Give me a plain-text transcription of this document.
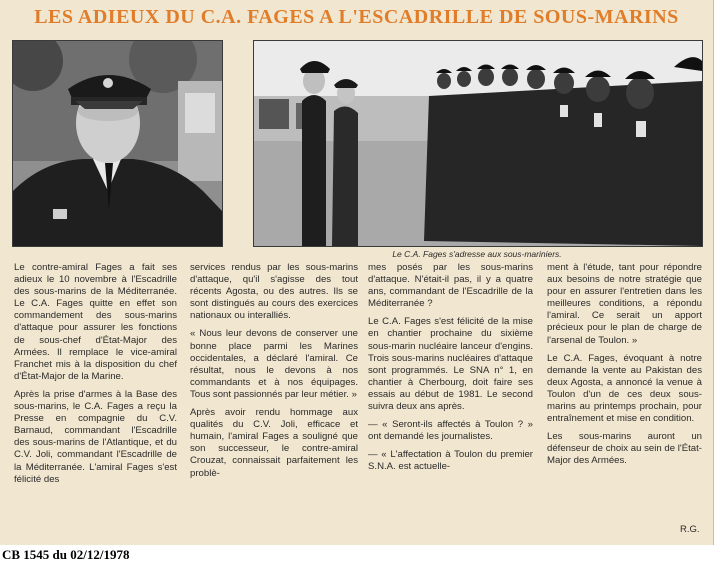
LES ADIEUX DU C.A. FAGES A L'ESCADRILLE DE SOUS-MARINS
Le C.A. Fages s'adresse aux sous-mariniers.

Le contre-amiral Fages a fait ses adieux le 10 novembre à l'Escadrille des sous-marins de la Méditerranée. Le C.A. Fages quitte en effet son commandement des sous-marins d'attaque pour assurer les fonctions de sous-chef d'État-Major des Armées. Il remplace le vice-amiral Franchet mis à la disposition du chef d'État-Major de la Marine.

Après la prise d'armes à la Base des sous-marins, le C.A. Fages a reçu la Presse en compagnie du C.V. Barnaud, commandant l'Escadrille des sous-marins de l'Atlantique, et du C.V. Joli, commandant l'Escadrille de la Méditerranée. L'amiral Fages s'est félicité des

services rendus par les sous-marins d'attaque, qu'il s'agisse des tout récents Agosta, ou des autres. Ils se sont distingués au cours des exercices nationaux ou interalliés.

« Nous leur devons de conserver une bonne place parmi les Marines occidentales, a déclaré l'amiral. Ce résultat, nous le devons à nos commandants et à nos équipages. Tous sont passionnés par leur métier. »

Après avoir rendu hommage aux qualités du C.V. Joli, efficace et humain, l'amiral Fages a souligné que son successeur, le contre-amiral Crouzat, connaissait parfaitement les problè-

mes posés par les sous-marins d'attaque. N'était-il pas, il y a quatre ans, commandant de l'Escadrille de la Méditerranée ?

Le C.A. Fages s'est félicité de la mise en chantier prochaine du sixième sous-marin nucléaire lanceur d'engins. Trois sous-marins nucléaires d'attaque sont programmés. Le SNA n° 1, en chantier à Cherbourg, doit faire ses essais au début de 1981. Le second suivra deux ans après.

— « Seront-ils affectés à Toulon ? » ont demandé les journalistes.

— « L'affectation à Toulon du premier S.N.A. est actuelle-

ment à l'étude, tant pour répondre aux besoins de notre stratégie que pour en assurer l'entretien dans les meilleures conditions, a répondu l'amiral. Ce serait un apport précieux pour le plan de charge de l'arsenal de Toulon. »

Le C.A. Fages, évoquant à notre demande la vente au Pakistan des deux Agosta, a annoncé la venue à Toulon d'un de ces deux sous-marins au printemps prochain, pour entraînement et mise en condition.

Les sous-marins auront un défenseur de choix au sein de l'État-Major des Armées.

R.G.
CB 1545 du 02/12/1978
